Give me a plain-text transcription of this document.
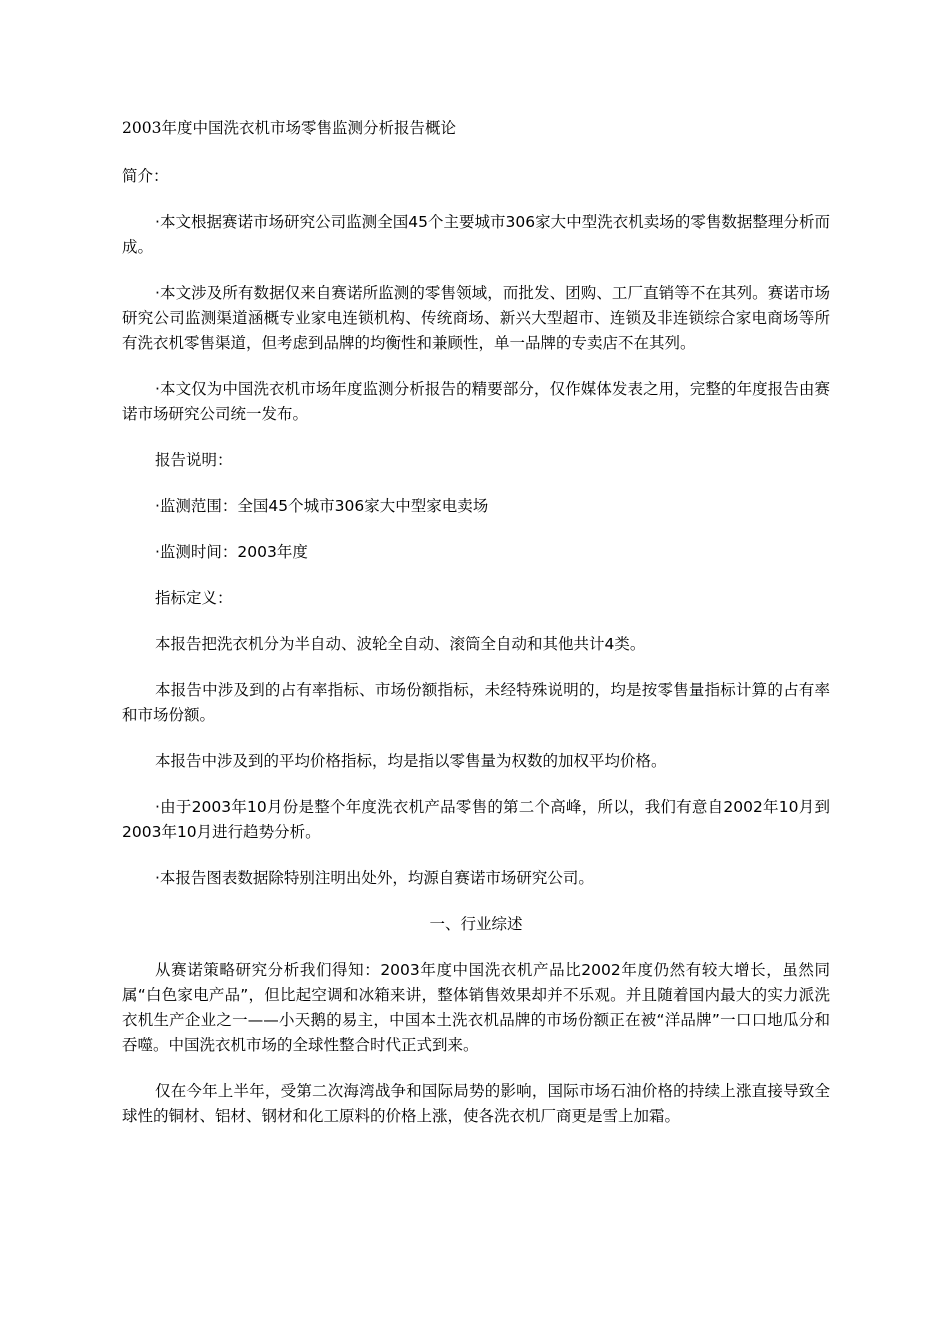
2003年度中国洗衣机市场零售监测分析报告概论
简介：

·本文根据赛诺市场研究公司监测全国45个主要城市306家大中型洗衣机卖场的零售数据整理分析而成。

·本文涉及所有数据仅来自赛诺所监测的零售领域，而批发、团购、工厂直销等不在其列。赛诺市场研究公司监测渠道涵概专业家电连锁机构、传统商场、新兴大型超市、连锁及非连锁综合家电商场等所有洗衣机零售渠道，但考虑到品牌的均衡性和兼顾性，单一品牌的专卖店不在其列。

·本文仅为中国洗衣机市场年度监测分析报告的精要部分，仅作媒体发表之用，完整的年度报告由赛诺市场研究公司统一发布。

报告说明：

·监测范围：全国45个城市306家大中型家电卖场

·监测时间：2003年度

指标定义：

本报告把洗衣机分为半自动、波轮全自动、滚筒全自动和其他共计4类。

本报告中涉及到的占有率指标、市场份额指标，未经特殊说明的，均是按零售量指标计算的占有率和市场份额。

本报告中涉及到的平均价格指标，均是指以零售量为权数的加权平均价格。

·由于2003年10月份是整个年度洗衣机产品零售的第二个高峰，所以，我们有意自2002年10月到2003年10月进行趋势分析。

·本报告图表数据除特别注明出处外，均源自赛诺市场研究公司。

一、行业综述

从赛诺策略研究分析我们得知：2003年度中国洗衣机产品比2002年度仍然有较大增长，虽然同属“白色家电产品”，但比起空调和冰箱来讲，整体销售效果却并不乐观。并且随着国内最大的实力派洗衣机生产企业之一——小天鹅的易主，中国本土洗衣机品牌的市场份额正在被“洋品牌”一口口地瓜分和吞噬。中国洗衣机市场的全球性整合时代正式到来。

仅在今年上半年，受第二次海湾战争和国际局势的影响，国际市场石油价格的持续上涨直接导致全球性的铜材、铝材、钢材和化工原料的价格上涨，使各洗衣机厂商更是雪上加霜。
